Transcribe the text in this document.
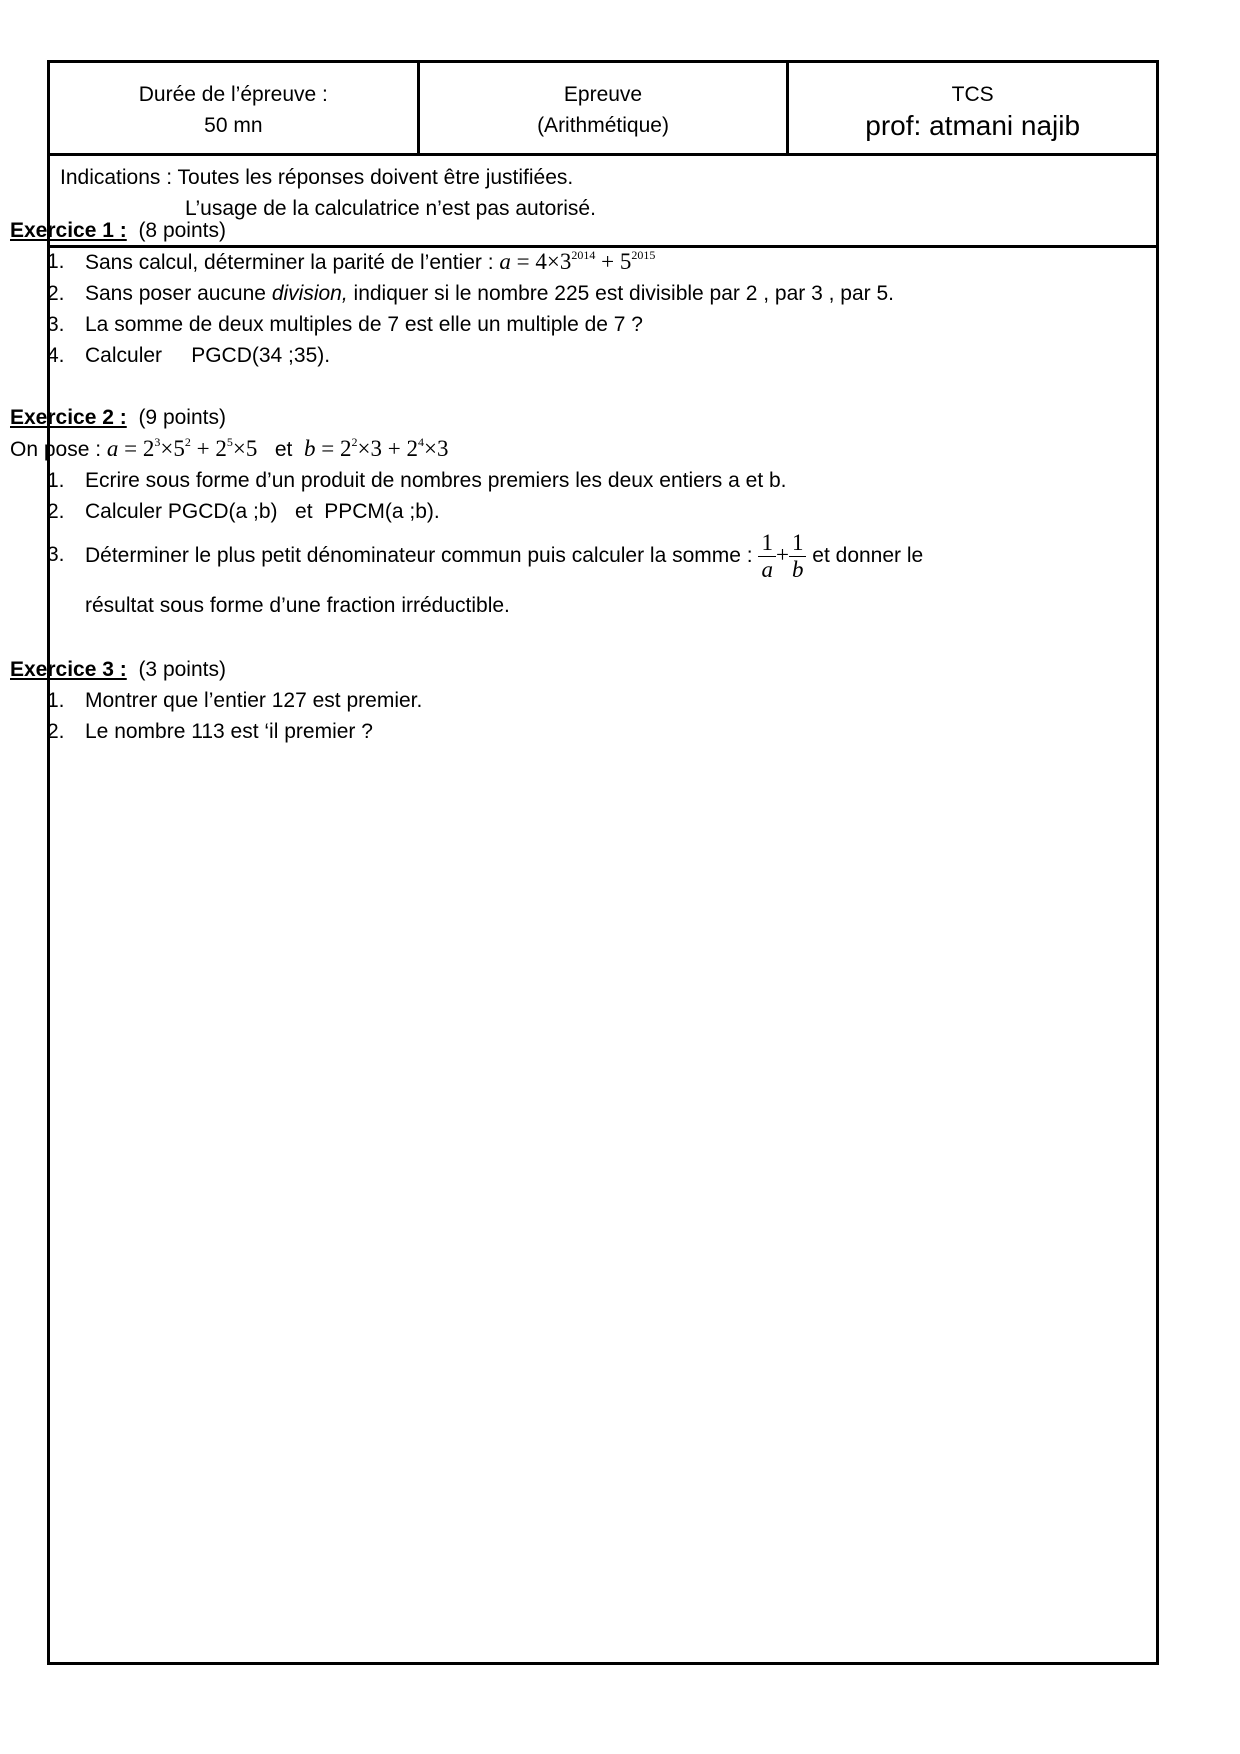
Durée de l’épreuve :
50 mn
Epreuve
(Arithmétique)
TCS
prof: atmani najib
Indications : Toutes les réponses doivent être justifiées.
L’usage de la calculatrice n’est pas autorisé.
Exercice 1 : (8 points)
1. Sans calcul, déterminer la parité de l’entier : $a = 4\times 3^{2014} + 5^{2015}$
2. Sans poser aucune division, indiquer si le nombre 225 est divisible par 2 , par 3 , par 5.
3. La somme de deux multiples de 7 est elle un multiple de 7 ?
4. Calculer     PGCD(34 ;35).
Exercice 2 : (9 points)
On pose : $a = 2^3\times 5^2 + 2^5\times 5$ et $b = 2^2\times 3 + 2^4\times 3$
1. Ecrire sous forme d’un produit de nombres premiers les deux entiers a et b.
2. Calculer PGCD(a ;b)   et  PPCM(a ;b).
3. Déterminer le plus petit dénominateur commun puis calculer la somme : $\frac{1}{a} + \frac{1}{b}$ et donner le
résultat sous forme d’une fraction irréductible.
Exercice 3 : (3 points)
1. Montrer que l’entier 127 est premier.
2. Le nombre 113 est ‘il premier ?
